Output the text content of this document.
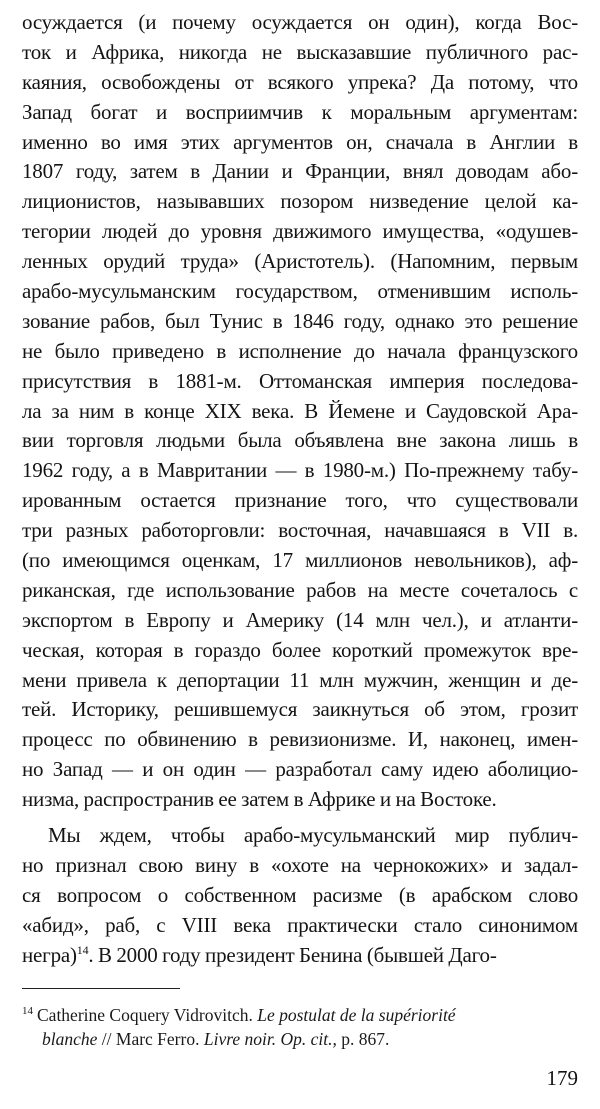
осуждается (и почему осуждается он один), когда Вос-
ток и Африка, никогда не высказавшие публичного рас-
каяния, освобождены от всякого упрека? Да потому, что
Запад богат и восприимчив к моральным аргументам:
именно во имя этих аргументов он, сначала в Англии в
1807 году, затем в Дании и Франции, внял доводам або-
лиционистов, называвших позором низведение целой ка-
тегории людей до уровня движимого имущества, «одушев-
ленных орудий труда» (Аристотель). (Напомним, первым
арабо-мусульманским государством, отменившим исполь-
зование рабов, был Тунис в 1846 году, однако это решение
не было приведено в исполнение до начала французского
присутствия в 1881-м. Оттоманская империя последова-
ла за ним в конце XIX века. В Йемене и Саудовской Ара-
вии торговля людьми была объявлена вне закона лишь в
1962 году, а в Мавритании — в 1980-м.) По-прежнему табу-
ированным остается признание того, что существовали
три разных работорговли: восточная, начавшаяся в VII в.
(по имеющимся оценкам, 17 миллионов невольников), аф-
риканская, где использование рабов на месте сочеталось с
экспортом в Европу и Америку (14 млн чел.), и атланти-
ческая, которая в гораздо более короткий промежуток вре-
мени привела к депортации 11 млн мужчин, женщин и де-
тей. Историку, решившемуся заикнуться об этом, грозит
процесс по обвинению в ревизионизме. И, наконец, имен-
но Запад — и он один — разработал саму идею аболицио-
низма, распространив ее затем в Африке и на Востоке.
Мы ждем, чтобы арабо-мусульманский мир публич-
но признал свою вину в «охоте на чернокожих» и задал-
ся вопросом о собственном расизме (в арабском слово
«абид», раб, с VIII века практически стало синонимом
негра)$^{14}$. В 2000 году президент Бенина (бывшей Даго-
$^{14}$ Catherine Coquery Vidrovitch. Le postulat de la supériorité
blanche // Marc Ferro. Livre noir. Op. cit., p. 867.
179
